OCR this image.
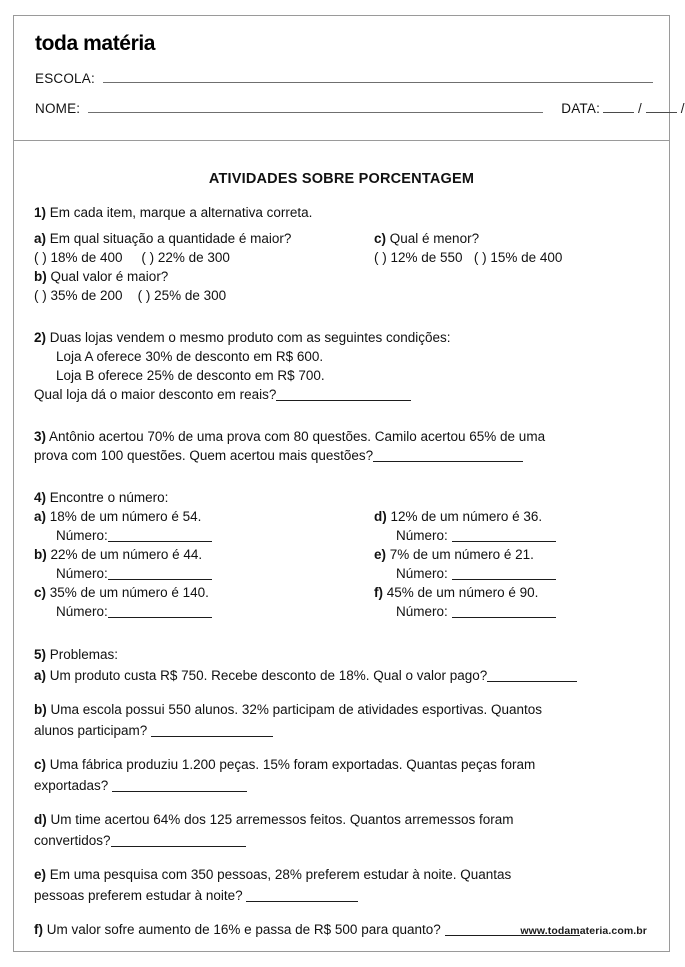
toda matéria
ESCOLA:
NOME:	DATA:	/	/
ATIVIDADES SOBRE PORCENTAGEM

1) Em cada item, marque a alternativa correta.

a) Em qual situação a quantidade é maior?

( ) 18% de 400 ( ) 22% de 300

b) Qual valor é maior?

( ) 35% de 200 ( ) 25% de 300

c) Qual é menor?

( ) 12% de 550 ( ) 15% de 400

2) Duas lojas vendem o mesmo produto com as seguintes condições:

Loja A oferece 30% de desconto em R$ 600.

Loja B oferece 25% de desconto em R$ 700.

Qual loja dá o maior desconto em reais?

3) Antônio acertou 70% de uma prova com 80 questões. Camilo acertou 65% de uma

prova com 100 questões. Quem acertou mais questões?

4) Encontre o número:

a) 18% de um número é 54.

Número:

b) 22% de um número é 44.

Número:

c) 35% de um número é 140.

Número:

d) 12% de um número é 36.

Número:

e) 7% de um número é 21.

Número:

f) 45% de um número é 90.

Número:

5) Problemas:

a) Um produto custa R$ 750. Recebe desconto de 18%. Qual o valor pago?

b) Uma escola possui 550 alunos. 32% participam de atividades esportivas. Quantos

alunos participam?

c) Uma fábrica produziu 1.200 peças. 15% foram exportadas. Quantas peças foram

exportadas?

d) Um time acertou 64% dos 125 arremessos feitos. Quantos arremessos foram

convertidos?

e) Em uma pesquisa com 350 pessoas, 28% preferem estudar à noite. Quantas

pessoas preferem estudar à noite?

f) Um valor sofre aumento de 16% e passa de R$ 500 para quanto?	www.todamateria.com.br
